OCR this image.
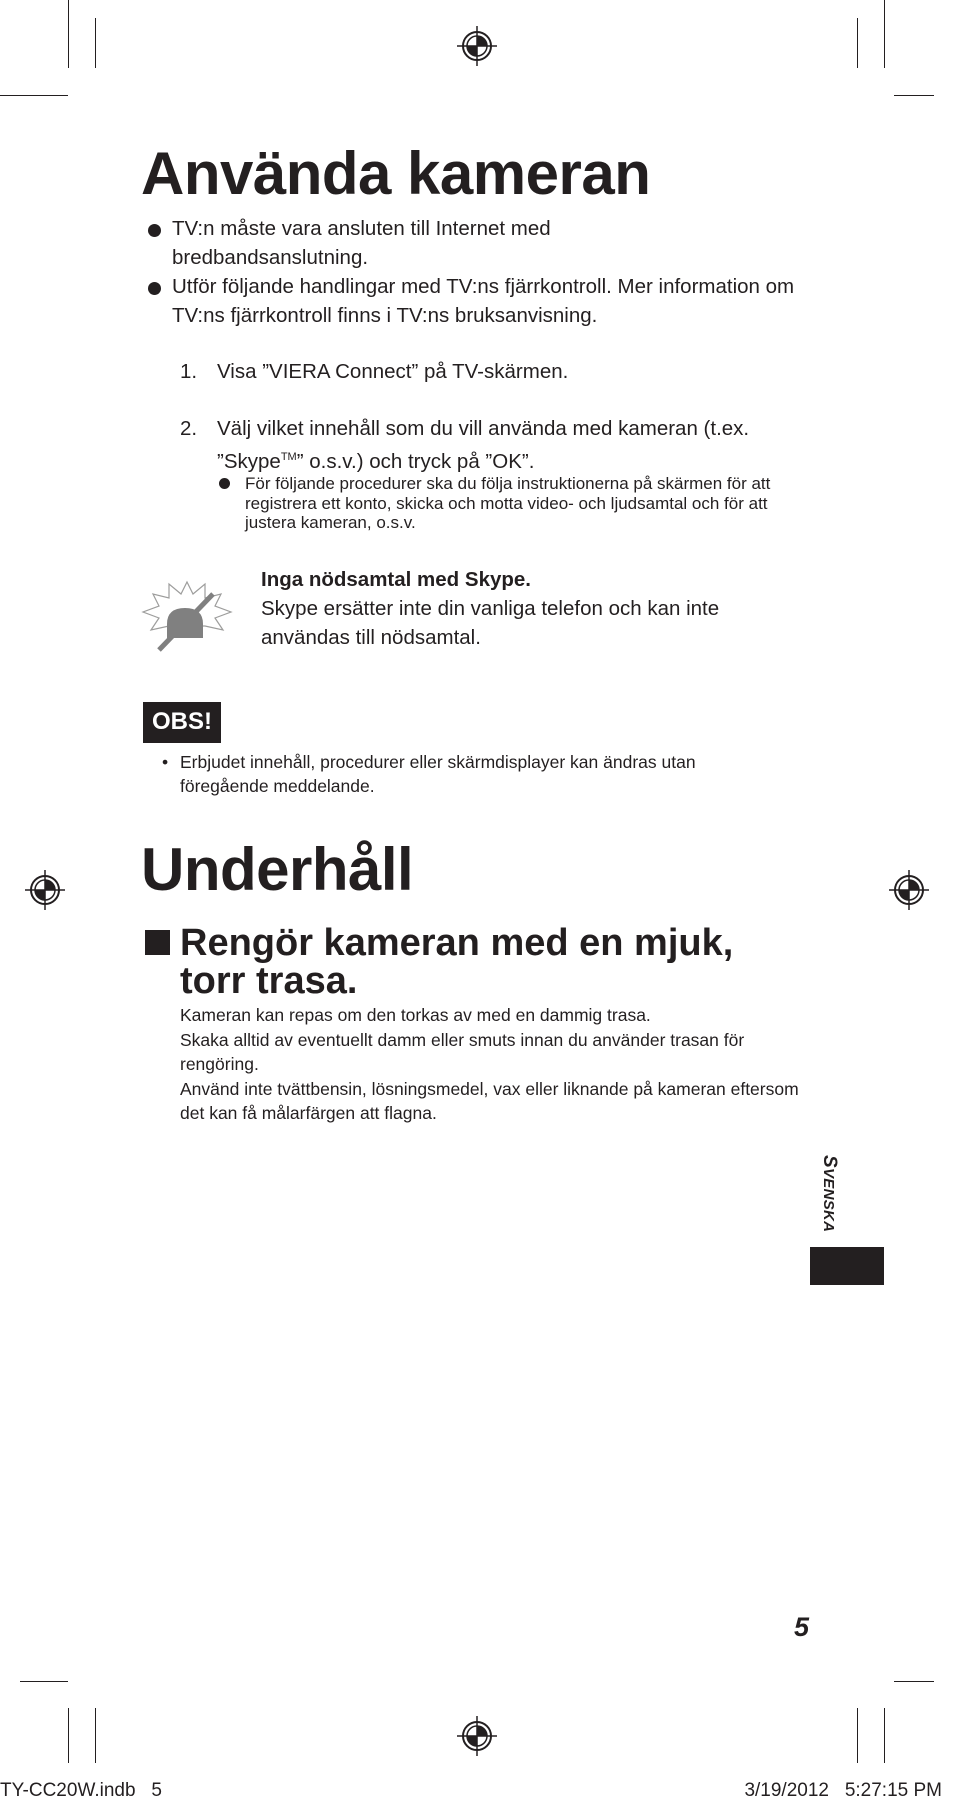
Använda kameran
TV:n måste vara ansluten till Internet med bredbandsanslutning.
Utför följande handlingar med TV:ns fjärrkontroll. Mer information om TV:ns fjärrkontroll finns i TV:ns bruksanvisning.
1. Visa ”VIERA Connect” på TV-skärmen.
2. Välj vilket innehåll som du vill använda med kameran (t.ex.
”Skype™” o.s.v.) och tryck på ”OK”.
För följande procedurer ska du följa instruktionerna på skärmen för att registrera ett konto, skicka och motta video- och ljudsamtal och för att justera kameran, o.s.v.
Inga nödsamtal med Skype.
Skype ersätter inte din vanliga telefon och kan inte användas till nödsamtal.
OBS!
• Erbjudet innehåll, procedurer eller skärmdisplayer kan ändras utan föregående meddelande.
Underhåll
Rengör kameran med en mjuk, torr trasa.
Kameran kan repas om den torkas av med en dammig trasa.
Skaka alltid av eventuellt damm eller smuts innan du använder trasan för rengöring.
Använd inte tvättbensin, lösningsmedel, vax eller liknande på kameran eftersom det kan få målarfärgen att flagna.
SVENSKA
5
TY-CC20W.indb   5	3/19/2012   5:27:15 PM
